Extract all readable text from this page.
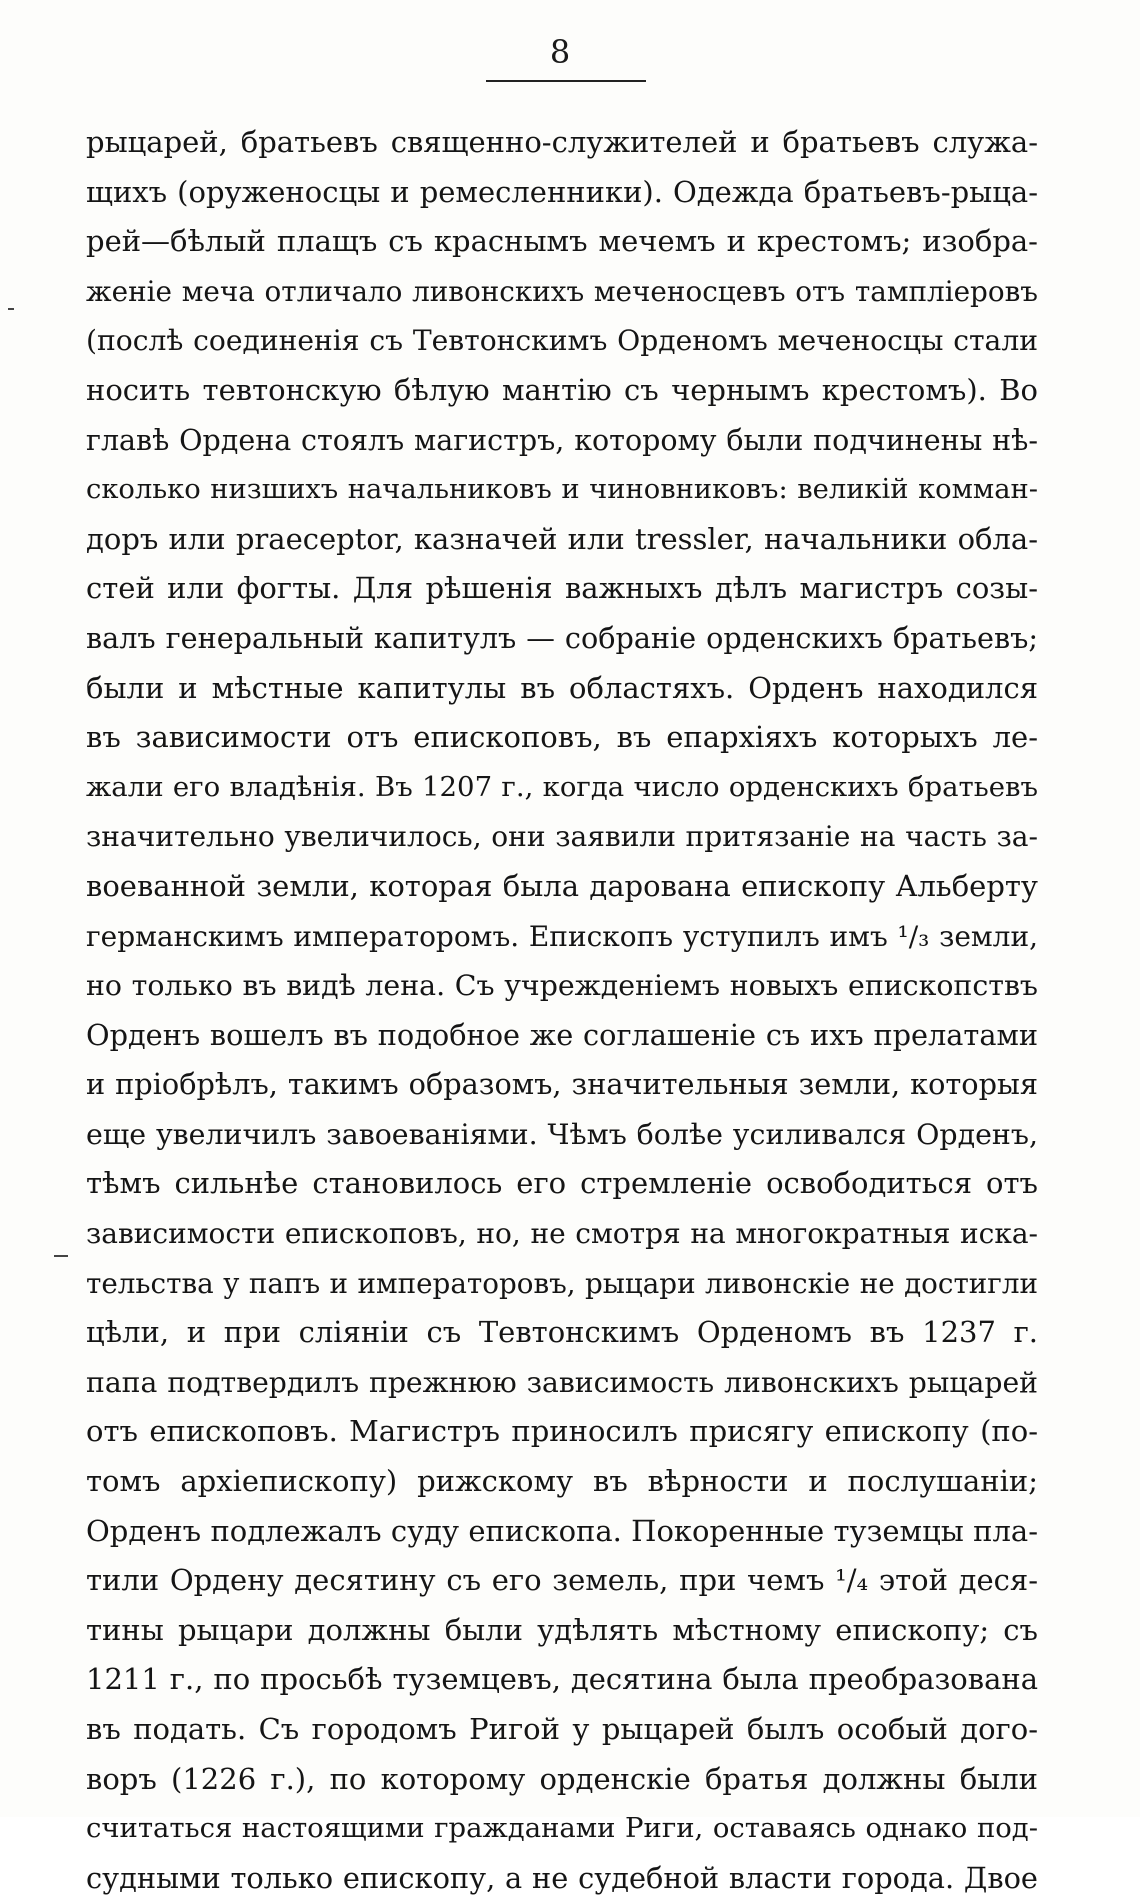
8
рыцарей, братьевъ священно-служителей и братьевъ служа-
щихъ (оруженосцы и ремесленники). Одежда братьевъ-рыца-
рей—бѣлый плащъ съ краснымъ мечемъ и крестомъ; изобра-
женіе меча отличало ливонскихъ меченосцевъ отъ тампліеровъ
(послѣ соединенія съ Тевтонскимъ Орденомъ меченосцы стали
носить тевтонскую бѣлую мантію съ чернымъ крестомъ). Во
главѣ Ордена стоялъ магистръ, которому были подчинены нѣ-
сколько низшихъ начальниковъ и чиновниковъ: великій комман-
доръ или praeceptor, казначей или tressler, начальники обла-
стей или фогты. Для рѣшенія важныхъ дѣлъ магистръ созы-
валъ генеральный капитулъ — собраніе орденскихъ братьевъ;
были и мѣстные капитулы въ областяхъ. Орденъ находился
въ зависимости отъ епископовъ, въ епархіяхъ которыхъ ле-
жали его владѣнія. Въ 1207 г., когда число орденскихъ братьевъ
значительно увеличилось, они заявили притязаніе на часть за-
воеванной земли, которая была дарована епископу Альберту
германскимъ императоромъ. Епископъ уступилъ имъ ¹/₃ земли,
но только въ видѣ лена. Съ учрежденіемъ новыхъ епископствъ
Орденъ вошелъ въ подобное же соглашеніе съ ихъ прелатами
и пріобрѣлъ, такимъ образомъ, значительныя земли, которыя
еще увеличилъ завоеваніями. Чѣмъ болѣе усиливался Орденъ,
тѣмъ сильнѣе становилось его стремленіе освободиться отъ
зависимости епископовъ, но, не смотря на многократныя иска-
тельства у папъ и императоровъ, рыцари ливонскіе не достигли
цѣли, и при сліяніи съ Тевтонскимъ Орденомъ въ 1237 г.
папа подтвердилъ прежнюю зависимость ливонскихъ рыцарей
отъ епископовъ. Магистръ приносилъ присягу епископу (по-
томъ архіепископу) рижскому въ вѣрности и послушаніи;
Орденъ подлежалъ суду епископа. Покоренные туземцы пла-
тили Ордену десятину съ его земель, при чемъ ¹/₄ этой деся-
тины рыцари должны были удѣлять мѣстному епископу; съ
1211 г., по просьбѣ туземцевъ, десятина была преобразована
въ подать. Съ городомъ Ригой у рыцарей былъ особый дого-
воръ (1226 г.), по которому орденскіе братья должны были
считаться настоящими гражданами Риги, оставаясь однако под-
судными только епископу, а не судебной власти города. Двое
